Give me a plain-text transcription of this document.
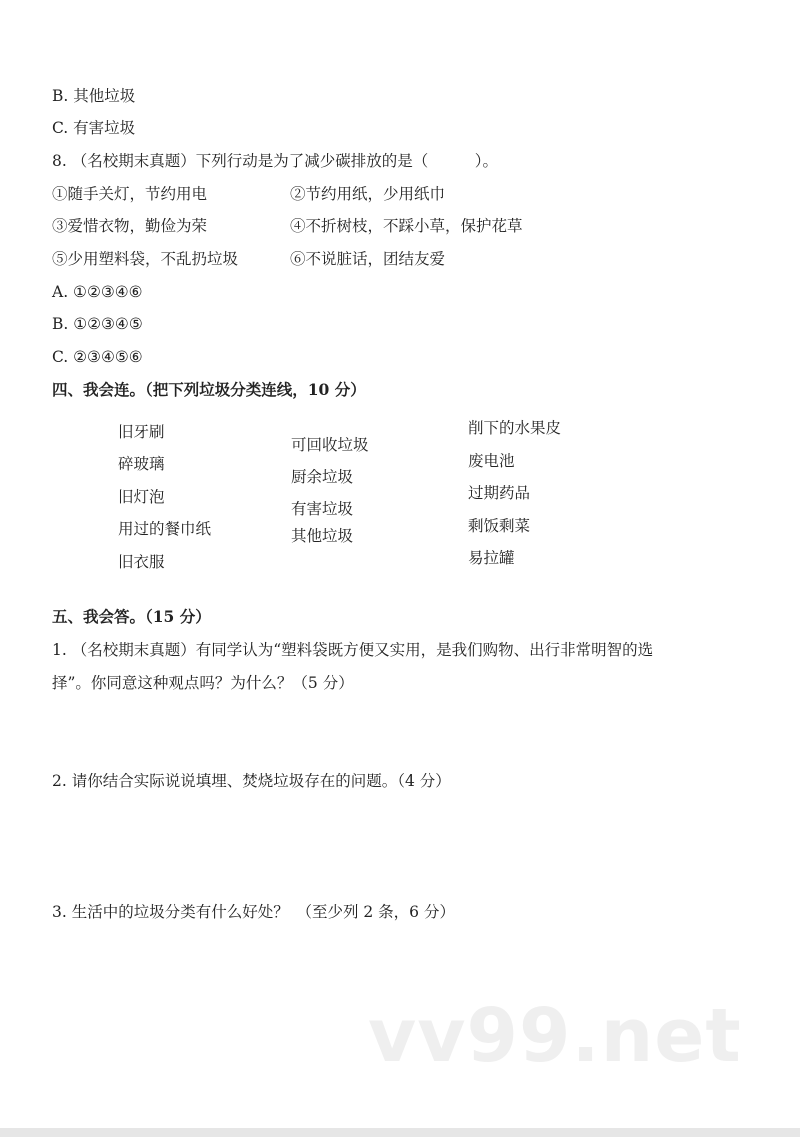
B. 其他垃圾
C. 有害垃圾
8. （名校期末真题）下列行动是为了减少碳排放的是（　　　）。
①随手关灯，节约用电	②节约用纸，少用纸巾
③爱惜衣物，勤俭为荣	④不折树枝，不踩小草，保护花草
⑤少用塑料袋，不乱扔垃圾	⑥不说脏话，团结友爱
A. ①②③④⑥
B. ①②③④⑤
C. ②③④⑤⑥
四、我会连。（把下列垃圾分类连线，10 分）
旧牙刷
碎玻璃
旧灯泡
用过的餐巾纸
旧衣服
可回收垃圾
厨余垃圾
有害垃圾
其他垃圾
削下的水果皮
废电池
过期药品
剩饭剩菜
易拉罐
五、我会答。（15 分）
1. （名校期末真题）有同学认为“塑料袋既方便又实用，是我们购物、出行非常明智的选
择”。你同意这种观点吗？为什么？（5 分）
2. 请你结合实际说说填埋、焚烧垃圾存在的问题。（4 分）
3. 生活中的垃圾分类有什么好处？　（至少列 2 条，6 分）
vv99.net
